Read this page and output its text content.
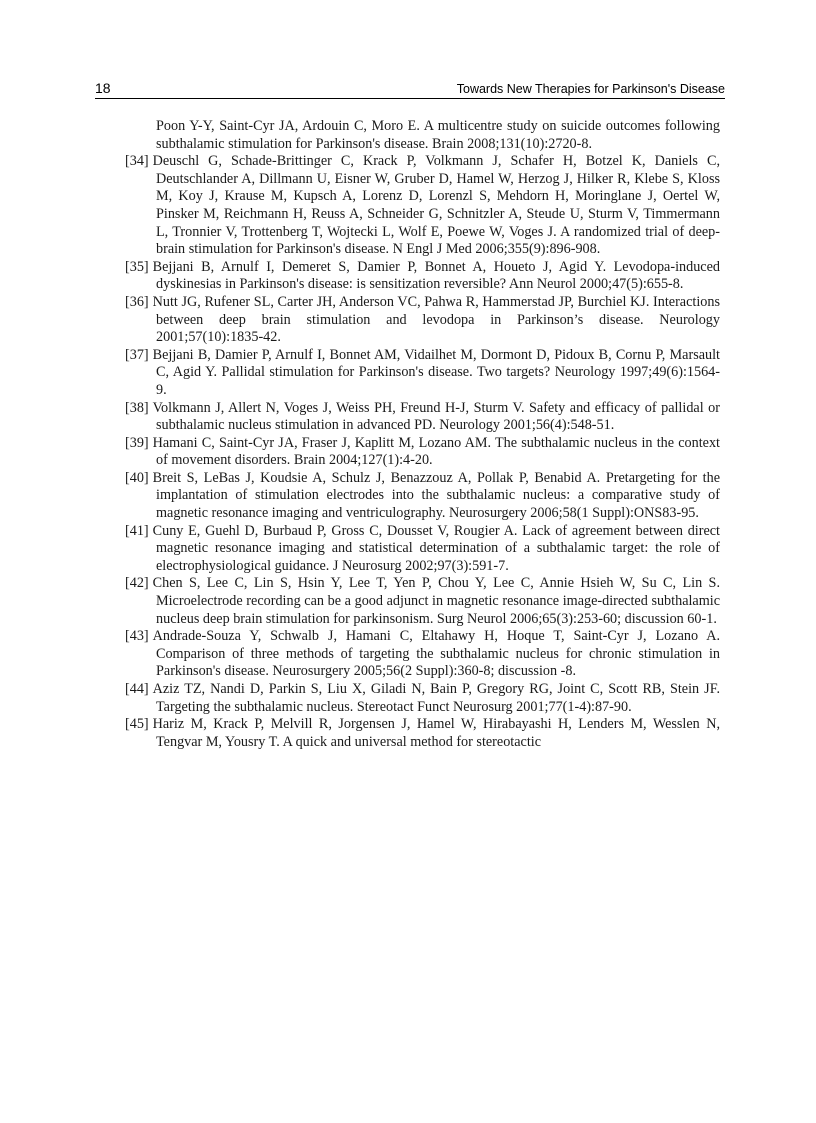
18	Towards New Therapies for Parkinson's Disease

Poon Y-Y, Saint-Cyr JA, Ardouin C, Moro E. A multicentre study on suicide outcomes following subthalamic stimulation for Parkinson's disease. Brain 2008;131(10):2720-8.

[34] Deuschl G, Schade-Brittinger C, Krack P, Volkmann J, Schafer H, Botzel K, Daniels C, Deutschlander A, Dillmann U, Eisner W, Gruber D, Hamel W, Herzog J, Hilker R, Klebe S, Kloss M, Koy J, Krause M, Kupsch A, Lorenz D, Lorenzl S, Mehdorn H, Moringlane J, Oertel W, Pinsker M, Reichmann H, Reuss A, Schneider G, Schnitzler A, Steude U, Sturm V, Timmermann L, Tronnier V, Trottenberg T, Wojtecki L, Wolf E, Poewe W, Voges J. A randomized trial of deep-brain stimulation for Parkinson's disease. N Engl J Med 2006;355(9):896-908.

[35] Bejjani B, Arnulf I, Demeret S, Damier P, Bonnet A, Houeto J, Agid Y. Levodopa-induced dyskinesias in Parkinson's disease: is sensitization reversible? Ann Neurol 2000;47(5):655-8.

[36] Nutt JG, Rufener SL, Carter JH, Anderson VC, Pahwa R, Hammerstad JP, Burchiel KJ. Interactions between deep brain stimulation and levodopa in Parkinson’s disease. Neurology 2001;57(10):1835-42.

[37] Bejjani B, Damier P, Arnulf I, Bonnet AM, Vidailhet M, Dormont D, Pidoux B, Cornu P, Marsault C, Agid Y. Pallidal stimulation for Parkinson's disease. Two targets? Neurology 1997;49(6):1564-9.

[38] Volkmann J, Allert N, Voges J, Weiss PH, Freund H-J, Sturm V. Safety and efficacy of pallidal or subthalamic nucleus stimulation in advanced PD. Neurology 2001;56(4):548-51.

[39] Hamani C, Saint-Cyr JA, Fraser J, Kaplitt M, Lozano AM. The subthalamic nucleus in the context of movement disorders. Brain 2004;127(1):4-20.

[40] Breit S, LeBas J, Koudsie A, Schulz J, Benazzouz A, Pollak P, Benabid A. Pretargeting for the implantation of stimulation electrodes into the subthalamic nucleus: a comparative study of magnetic resonance imaging and ventriculography. Neurosurgery 2006;58(1 Suppl):ONS83-95.

[41] Cuny E, Guehl D, Burbaud P, Gross C, Dousset V, Rougier A. Lack of agreement between direct magnetic resonance imaging and statistical determination of a subthalamic target: the role of electrophysiological guidance. J Neurosurg 2002;97(3):591-7.

[42] Chen S, Lee C, Lin S, Hsin Y, Lee T, Yen P, Chou Y, Lee C, Annie Hsieh W, Su C, Lin S. Microelectrode recording can be a good adjunct in magnetic resonance image-directed subthalamic nucleus deep brain stimulation for parkinsonism. Surg Neurol 2006;65(3):253-60; discussion 60-1.

[43] Andrade-Souza Y, Schwalb J, Hamani C, Eltahawy H, Hoque T, Saint-Cyr J, Lozano A. Comparison of three methods of targeting the subthalamic nucleus for chronic stimulation in Parkinson's disease. Neurosurgery 2005;56(2 Suppl):360-8; discussion -8.

[44] Aziz TZ, Nandi D, Parkin S, Liu X, Giladi N, Bain P, Gregory RG, Joint C, Scott RB, Stein JF. Targeting the subthalamic nucleus. Stereotact Funct Neurosurg 2001;77(1-4):87-90.

[45] Hariz M, Krack P, Melvill R, Jorgensen J, Hamel W, Hirabayashi H, Lenders M, Wesslen N, Tengvar M, Yousry T. A quick and universal method for stereotactic
